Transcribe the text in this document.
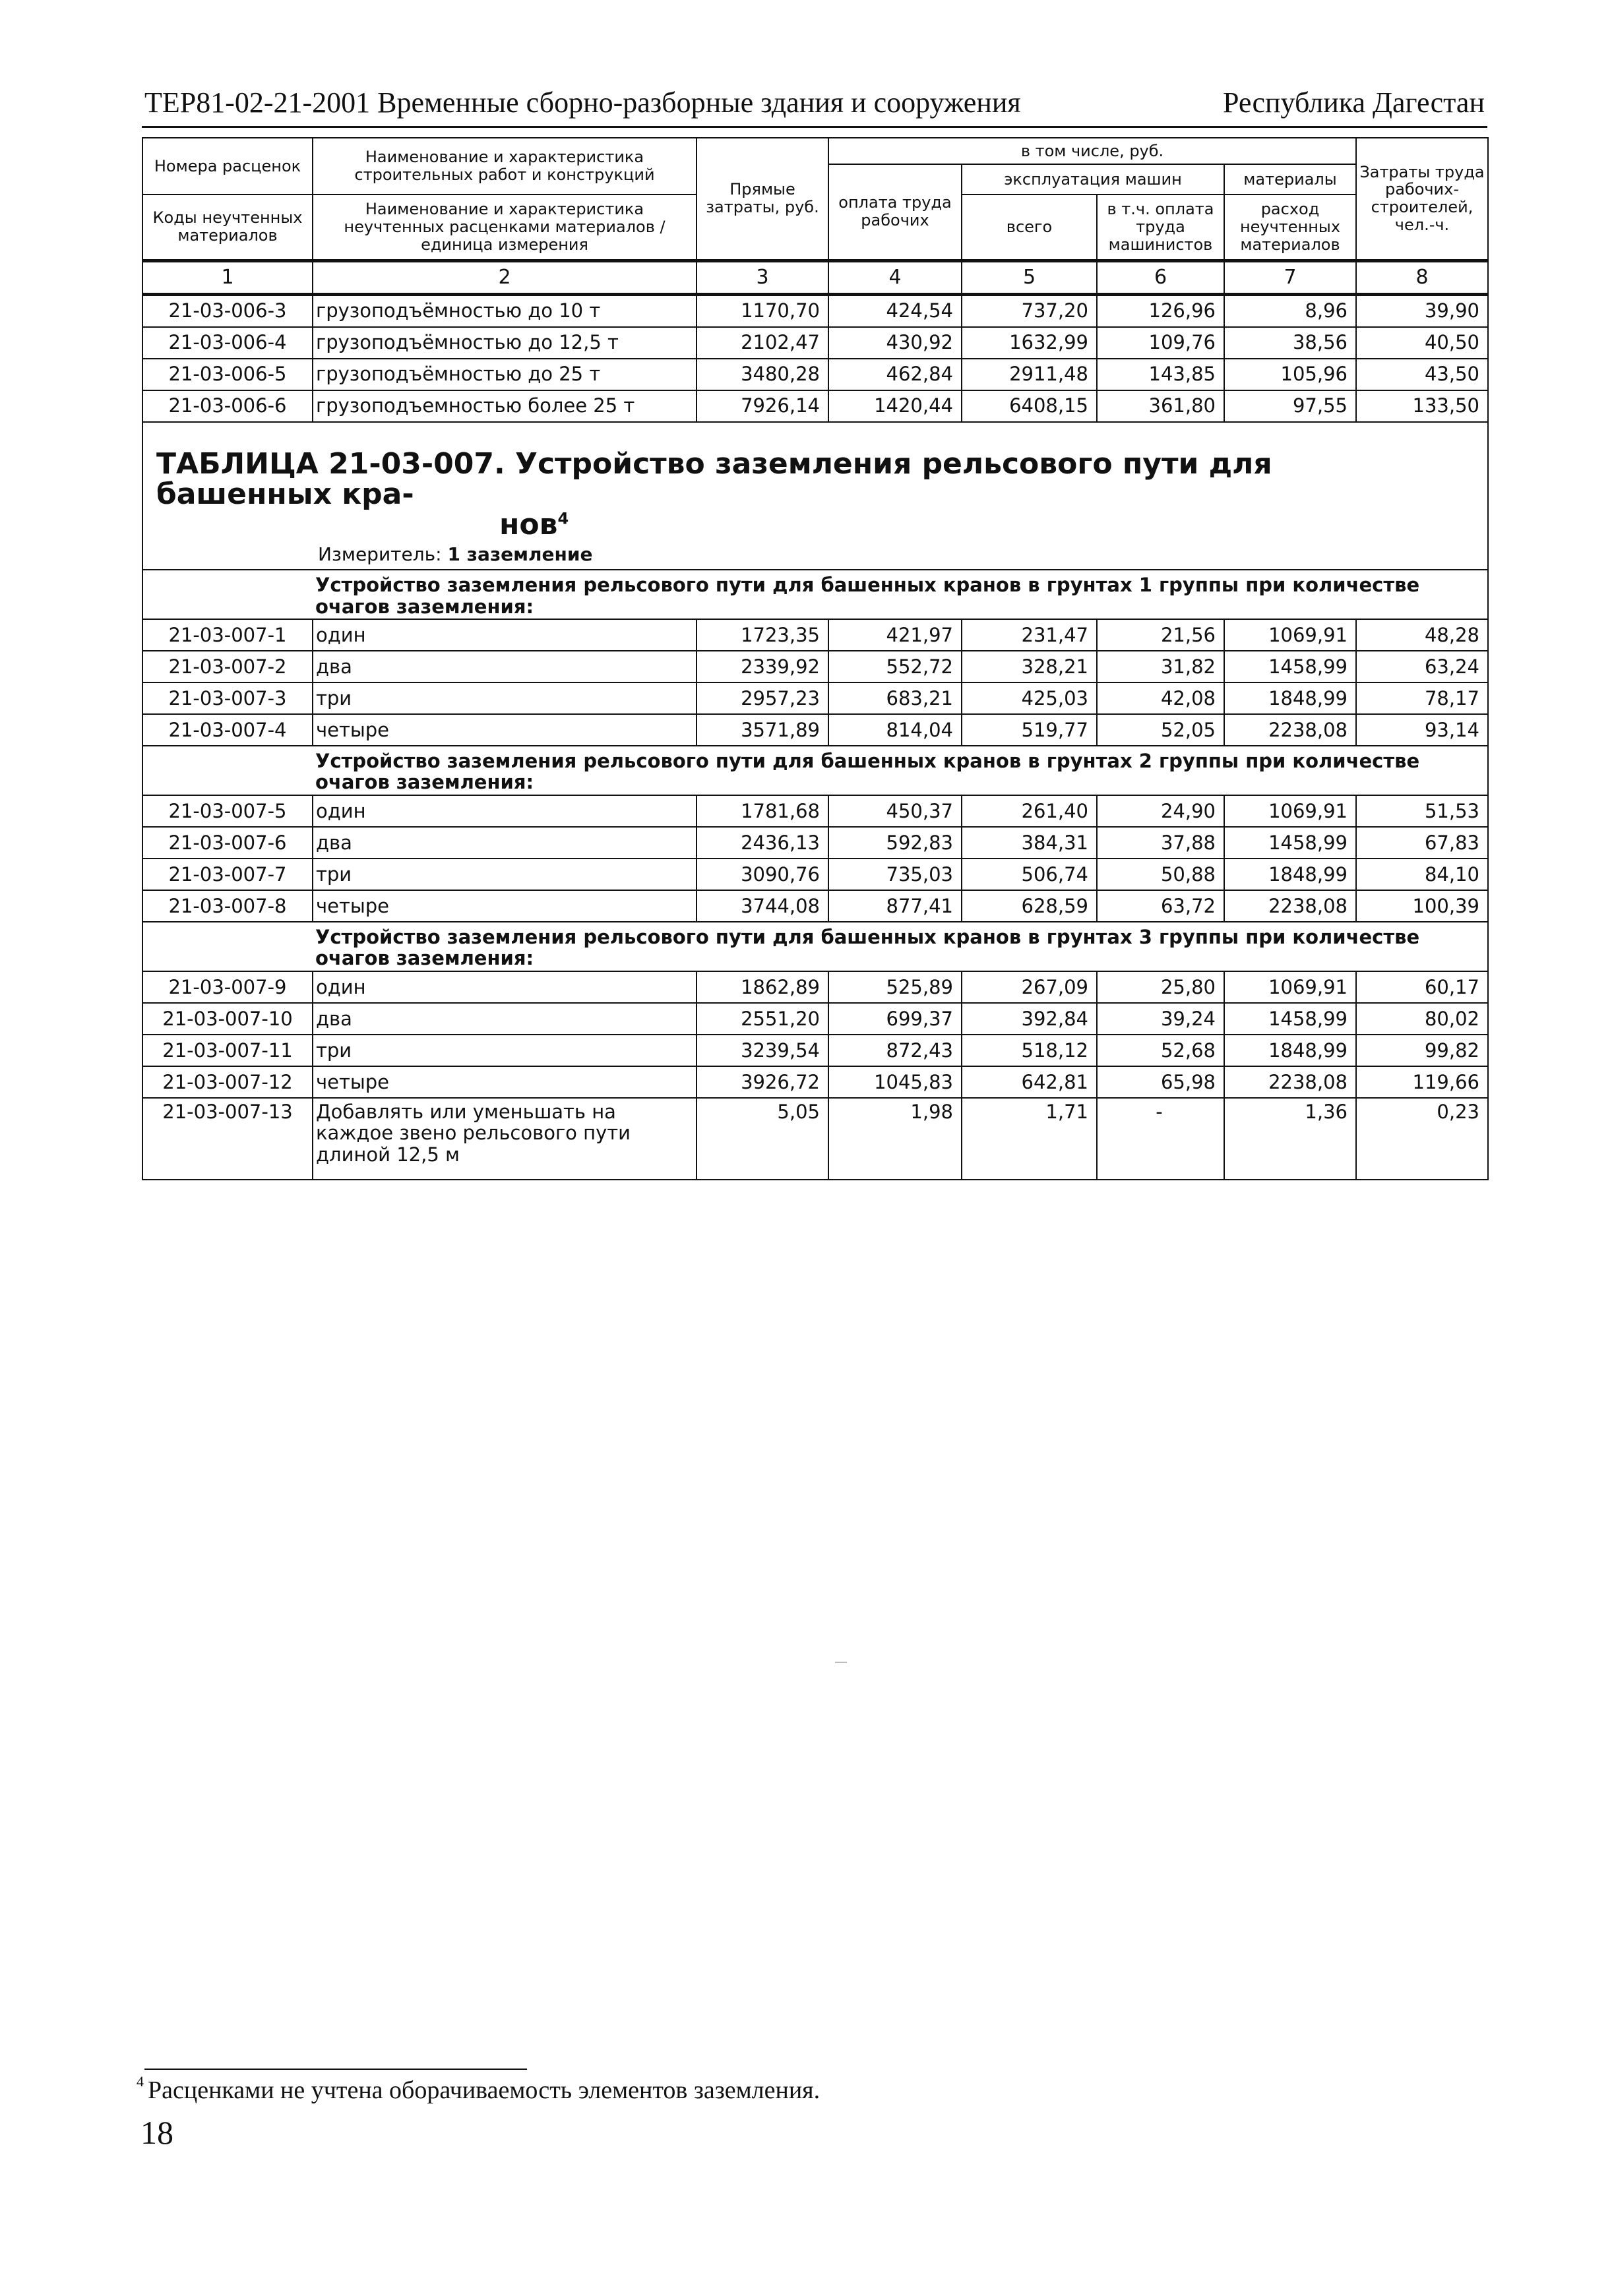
ТЕР81-02-21-2001 Временные сборно-разборные здания и сооружения	Республика Дагестан
Номера расценок	Наименование и характеристика строительных работ и конструкций	Прямые затраты, руб.	в том числе, руб.				Затраты труда рабочих-строителей, чел.-ч.
			оплата труда рабочих	эксплуатация машин		материалы	
Коды неучтенных материалов	Наименование и характеристика неучтенных расценками материалов / единица измерения			всего	в т.ч. оплата труда машинистов	расход неучтенных материалов	

1	2	3	4	5	6	7	8
21-03-006-3	грузоподъёмностью до 10 т	1170,70	424,54	737,20	126,96	8,96	39,90
21-03-006-4	грузоподъёмностью до 12,5 т	2102,47	430,92	1632,99	109,76	38,56	40,50
21-03-006-5	грузоподъёмностью до 25 т	3480,28	462,84	2911,48	143,85	105,96	43,50
21-03-006-6	грузоподъемностью более 25 т	7926,14	1420,44	6408,15	361,80	97,55	133,50

ТАБЛИЦА 21-03-007. Устройство заземления рельсового пути для башенных кра-
нов$^4$

Измеритель: 1 заземление							

	Устройство заземления рельсового пути для башенных кранов в грунтах 1 группы при количестве очагов заземления:						
21-03-007-1	один	1723,35	421,97	231,47	21,56	1069,91	48,28
21-03-007-2	два	2339,92	552,72	328,21	31,82	1458,99	63,24
21-03-007-3	три	2957,23	683,21	425,03	42,08	1848,99	78,17
21-03-007-4	четыре	3571,89	814,04	519,77	52,05	2238,08	93,14
	Устройство заземления рельсового пути для башенных кранов в грунтах 2 группы при количестве очагов заземления:						
21-03-007-5	один	1781,68	450,37	261,40	24,90	1069,91	51,53
21-03-007-6	два	2436,13	592,83	384,31	37,88	1458,99	67,83
21-03-007-7	три	3090,76	735,03	506,74	50,88	1848,99	84,10
21-03-007-8	четыре	3744,08	877,41	628,59	63,72	2238,08	100,39
	Устройство заземления рельсового пути для башенных кранов в грунтах 3 группы при количестве очагов заземления:						
21-03-007-9	один	1862,89	525,89	267,09	25,80	1069,91	60,17
21-03-007-10	два	2551,20	699,37	392,84	39,24	1458,99	80,02
21-03-007-11	три	3239,54	872,43	518,12	52,68	1848,99	99,82
21-03-007-12	четыре	3926,72	1045,83	642,81	65,98	2238,08	119,66
21-03-007-13	Добавлять или уменьшать на каждое звено рельсового пути длиной 12,5 м	5,05	1,98	1,71	-	1,36	0,23
$^4$ Расценками не учтена оборачиваемость элементов заземления.
18
